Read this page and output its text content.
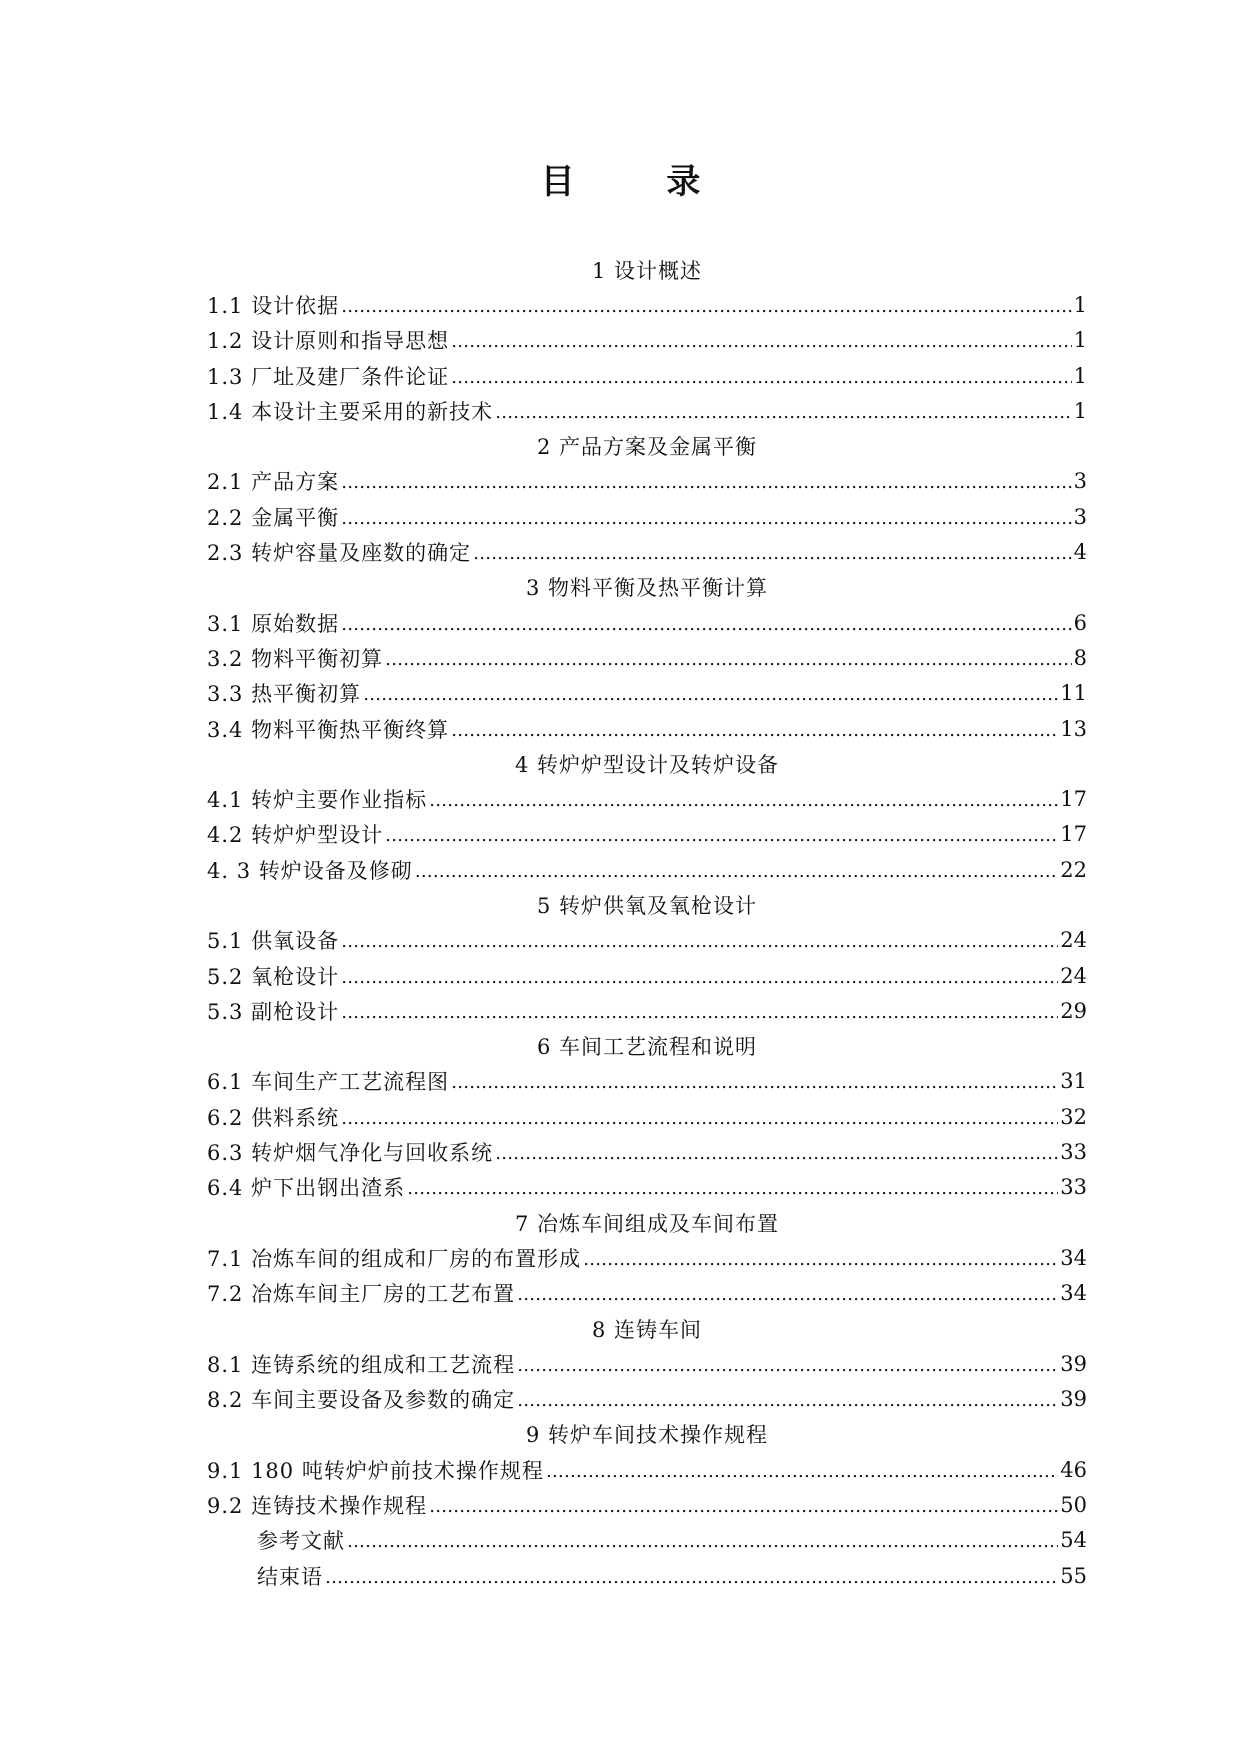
目 录
1 设计概述
1.1 设计依据 ……………………………………………………………………………………………………………………………………………………………………………………………	1
1.2 设计原则和指导思想 ……………………………………………………………………………………………………………………………………………………………………………………………	1
1.3 厂址及建厂条件论证 ……………………………………………………………………………………………………………………………………………………………………………………………	1
1.4 本设计主要采用的新技术 ……………………………………………………………………………………………………………………………………………………………………………………………	1
2 产品方案及金属平衡
2.1 产品方案 ……………………………………………………………………………………………………………………………………………………………………………………………	3
2.2 金属平衡 ……………………………………………………………………………………………………………………………………………………………………………………………	3
2.3 转炉容量及座数的确定 ……………………………………………………………………………………………………………………………………………………………………………………………	4
3 物料平衡及热平衡计算
3.1 原始数据 ……………………………………………………………………………………………………………………………………………………………………………………………	6
3.2 物料平衡初算 ……………………………………………………………………………………………………………………………………………………………………………………………	8
3.3 热平衡初算 ……………………………………………………………………………………………………………………………………………………………………………………………	11
3.4 物料平衡热平衡终算 ……………………………………………………………………………………………………………………………………………………………………………………………	13
4 转炉炉型设计及转炉设备
4.1 转炉主要作业指标 ……………………………………………………………………………………………………………………………………………………………………………………………	17
4.2 转炉炉型设计 ……………………………………………………………………………………………………………………………………………………………………………………………	17
4. 3 转炉设备及修砌 ……………………………………………………………………………………………………………………………………………………………………………………………	22
5 转炉供氧及氧枪设计
5.1 供氧设备 ……………………………………………………………………………………………………………………………………………………………………………………………	24
5.2 氧枪设计 ……………………………………………………………………………………………………………………………………………………………………………………………	24
5.3 副枪设计 ……………………………………………………………………………………………………………………………………………………………………………………………	29
6 车间工艺流程和说明
6.1 车间生产工艺流程图 ……………………………………………………………………………………………………………………………………………………………………………………………	31
6.2 供料系统 ……………………………………………………………………………………………………………………………………………………………………………………………	32
6.3 转炉烟气净化与回收系统 ……………………………………………………………………………………………………………………………………………………………………………………………	33
6.4 炉下出钢出渣系 ……………………………………………………………………………………………………………………………………………………………………………………………	33
7 冶炼车间组成及车间布置
7.1 冶炼车间的组成和厂房的布置形成 ……………………………………………………………………………………………………………………………………………………………………………………………	34
7.2 冶炼车间主厂房的工艺布置 ……………………………………………………………………………………………………………………………………………………………………………………………	34
8 连铸车间
8.1 连铸系统的组成和工艺流程 ……………………………………………………………………………………………………………………………………………………………………………………………	39
8.2 车间主要设备及参数的确定 ……………………………………………………………………………………………………………………………………………………………………………………………	39
9 转炉车间技术操作规程
9.1 180 吨转炉炉前技术操作规程 ……………………………………………………………………………………………………………………………………………………………………………………………	46
9.2 连铸技术操作规程 ……………………………………………………………………………………………………………………………………………………………………………………………	50
参考文献 ……………………………………………………………………………………………………………………………………………………………………………………………	54
结束语 ……………………………………………………………………………………………………………………………………………………………………………………………	55
